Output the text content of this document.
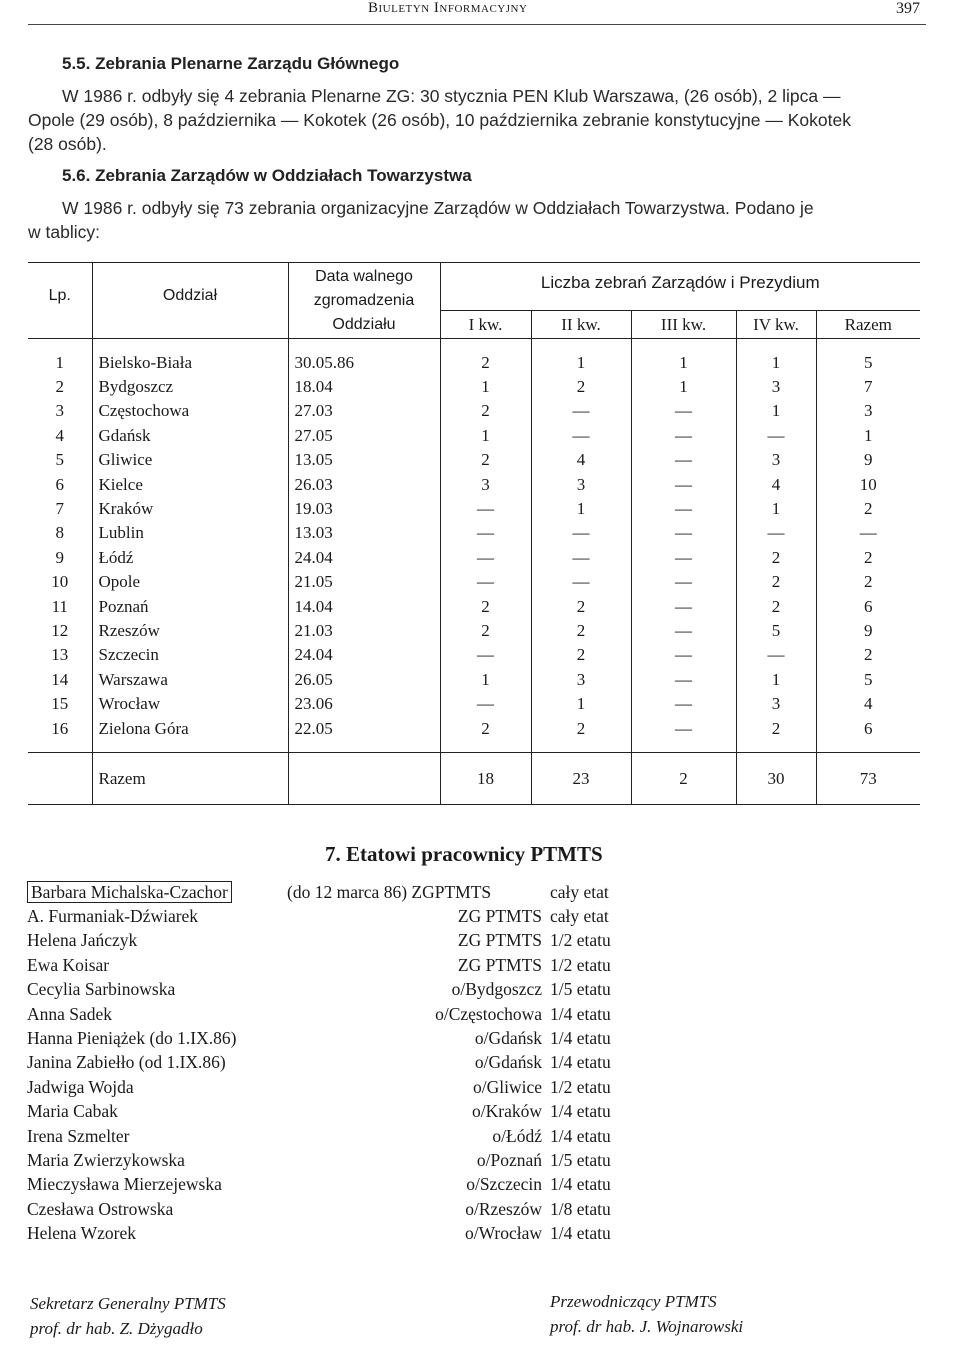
Biuletyn Informacyjny	397
5.5. Zebrania Plenarne Zarządu Głównego
W 1986 r. odbyły się 4 zebrania Plenarne ZG: 30 stycznia PEN Klub Warszawa, (26 osób), 2 lipca —
Opole (29 osób), 8 października — Kokotek (26 osób), 10 października zebranie konstytucyjne — Kokotek
(28 osób).
5.6. Zebrania Zarządów w Oddziałach Towarzystwa
W 1986 r. odbyły się 73 zebrania organizacyjne Zarządów w Oddziałach Towarzystwa. Podano je
w tablicy:
Lp.	Oddział	Data walnego
zgromadzenia
Oddziału	Liczba zebrań Zarządów i Prezydium				

			I kw.	II kw.	III kw.	IV kw.	Razem

1	Bielsko-Biała	30.05.86	2	1	1	1	5
2	Bydgoszcz	18.04	1	2	1	3	7
3	Częstochowa	27.03	2	—	—	1	3
4	Gdańsk	27.05	1	—	—	—	1
5	Gliwice	13.05	2	4	—	3	9
6	Kielce	26.03	3	3	—	4	10
7	Kraków	19.03	—	1	—	1	2
8	Lublin	13.03	—	—	—	—	—
9	Łódź	24.04	—	—	—	2	2
10	Opole	21.05	—	—	—	2	2
11	Poznań	14.04	2	2	—	2	6
12	Rzeszów	21.03	2	2	—	5	9
13	Szczecin	24.04	—	2	—	—	2
14	Warszawa	26.05	1	3	—	1	5
15	Wrocław	23.06	—	1	—	3	4
16	Zielona Góra	22.05	2	2	—	2	6

	Razem		18	23	2	30	73
7. Etatowi pracownicy PTMTS
Barbara Michalska-Czachor	(do 12 marca 86) ZGPTMTS	cały etat
A. Furmaniak-Dźwiarek	ZG PTMTS	cały etat
Helena Jańczyk	ZG PTMTS	1/2 etatu
Ewa Koisar	ZG PTMTS	1/2 etatu
Cecylia Sarbinowska	o/Bydgoszcz	1/5 etatu
Anna Sadek	o/Częstochowa	1/4 etatu
Hanna Pieniążek (do 1.IX.86)	o/Gdańsk	1/4 etatu
Janina Zabiełło (od 1.IX.86)	o/Gdańsk	1/4 etatu
Jadwiga Wojda	o/Gliwice	1/2 etatu
Maria Cabak	o/Kraków	1/4 etatu
Irena Szmelter	o/Łódź	1/4 etatu
Maria Zwierzykowska	o/Poznań	1/5 etatu
Mieczysława Mierzejewska	o/Szczecin	1/4 etatu
Czesława Ostrowska	o/Rzeszów	1/8 etatu
Helena Wzorek	o/Wrocław	1/4 etatu
Sekretarz Generalny PTMTS
prof. dr hab. Z. Dżygadło
Przewodniczący PTMTS
prof. dr hab. J. Wojnarowski
